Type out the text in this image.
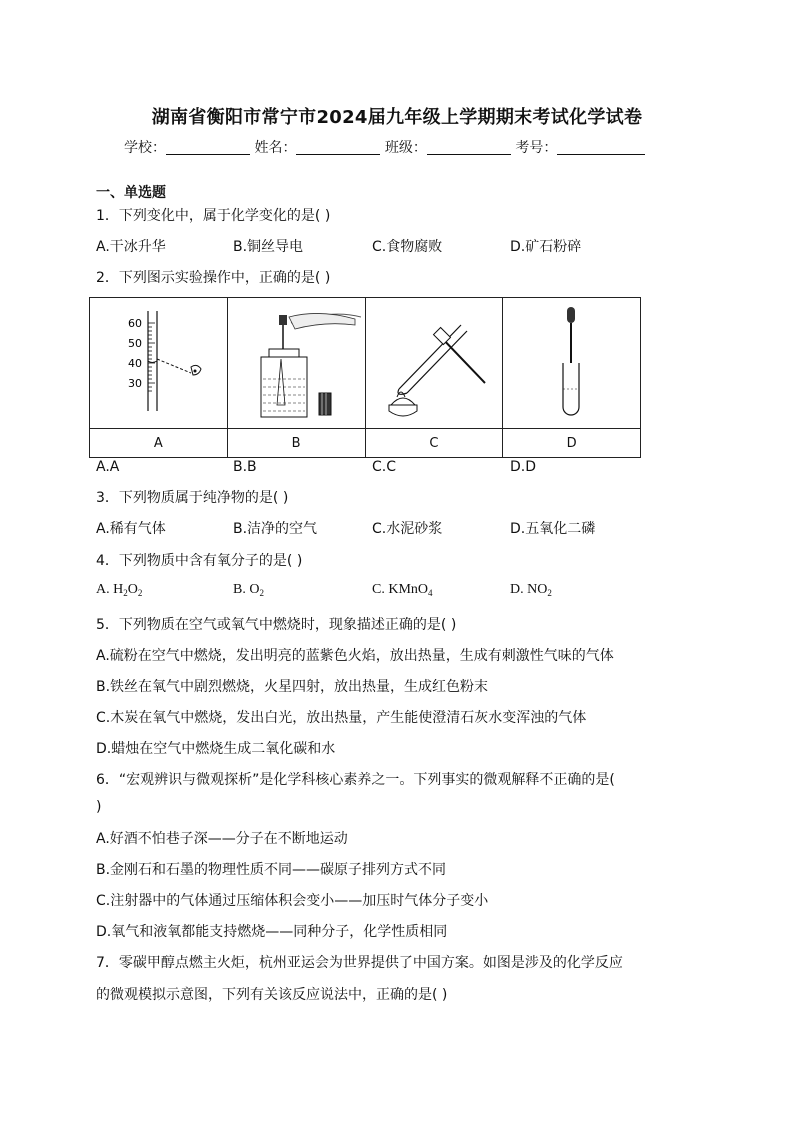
湖南省衡阳市常宁市2024届九年级上学期期末考试化学试卷
学校：	姓名：	班级：	考号：
一、单选题
1．下列变化中，属于化学变化的是( )
A.干冰升华	B.铜丝导电	C.食物腐败	D.矿石粉碎
2．下列图示实验操作中，正确的是( )
60
50
40
30

A	B	C	D
A.A	B.B	C.C	D.D
3．下列物质属于纯净物的是( )
A.稀有气体	B.洁净的空气	C.水泥砂浆	D.五氧化二磷
4．下列物质中含有氧分子的是( )
A. $H_2O_2$	B. $O_2$	C. KMnO$_4$	D. $NO_2$
5．下列物质在空气或氧气中燃烧时，现象描述正确的是( )
A.硫粉在空气中燃烧，发出明亮的蓝紫色火焰，放出热量，生成有刺激性气味的气体
B.铁丝在氧气中剧烈燃烧，火星四射，放出热量，生成红色粉末
C.木炭在氧气中燃烧，发出白光，放出热量，产生能使澄清石灰水变浑浊的气体
D.蜡烛在空气中燃烧生成二氧化碳和水
6．“宏观辨识与微观探析”是化学科核心素养之一。下列事实的微观解释不正确的是(
)
A.好酒不怕巷子深——分子在不断地运动
B.金刚石和石墨的物理性质不同——碳原子排列方式不同
C.注射器中的气体通过压缩体积会变小——加压时气体分子变小
D.氧气和液氧都能支持燃烧——同种分子，化学性质相同
7．零碳甲醇点燃主火炬，杭州亚运会为世界提供了中国方案。如图是涉及的化学反应
的微观模拟示意图，下列有关该反应说法中，正确的是( )
